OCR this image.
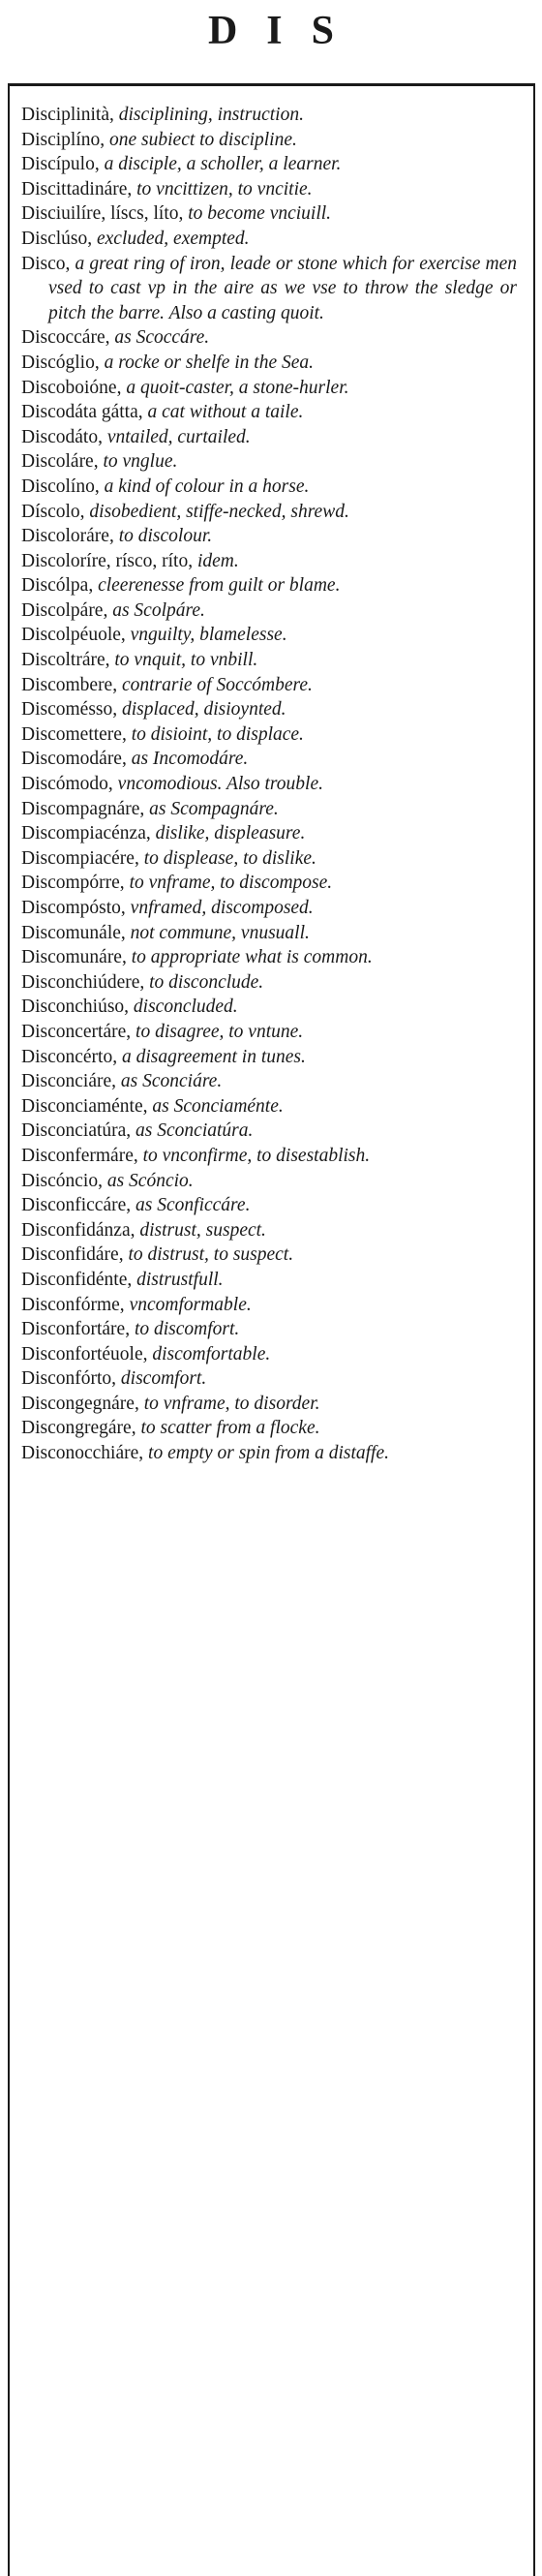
DIS
Disciplinità, disciplining, instruction.
Disciplíno, one subiect to discipline.
Discípulo, a disciple, a scholler, a learner.
Discittadináre, to vncittizen, to vncitie.
Disciuilíre, líscs, líto, to become vnciuill.
Disclúso, excluded, exempted.
Disco, a great ring of iron, leade or stone which for exercise men vsed to cast vp in the aire as we vse to throw the sledge or pitch the barre. Also a casting quoit.
Discoccáre, as Scoccáre.
Discóglio, a rocke or shelfe in the Sea.
Discoboióne, a quoit-caster, a stone-hurler.
Discodáta gátta, a cat without a taile.
Discodáto, vntailed, curtailed.
Discoláre, to vnglue.
Discolíno, a kind of colour in a horse.
Díscolo, disobedient, stiffe-necked, shrewd.
Discoloráre, to discolour.
Discoloríre, rísco, ríto, idem.
Discólpa, cleerenesse from guilt or blame.
Discolpáre, as Scolpáre.
Discolpéuole, vnguilty, blamelesse.
Discoltráre, to vnquit, to vnbill.
Discombere, contrarie of Soccómbere.
Discomésso, displaced, disioynted.
Discomettere, to disioint, to displace.
Discomodáre, as Incomodáre.
Discómodo, vncomodious. Also trouble.
Discompagnáre, as Scompagnáre.
Discompiacénza, dislike, displeasure.
Discompiacére, to displease, to dislike.
Discompórre, to vnframe, to discompose.
Discompósto, vnframed, discomposed.
Discomunále, not commune, vnusuall.
Discomunáre, to appropriate what is common.
Disconchiúdere, to disconclude.
Disconchiúso, disconcluded.
Disconcertáre, to disagree, to vntune.
Disconcérto, a disagreement in tunes.
Disconciáre, as Sconciáre.
Disconciaménte, as Sconciaménte.
Disconciatúra, as Sconciatúra.
Disconfermáre, to vnconfirme, to disestablish.
Discóncio, as Scóncio.
Disconficcáre, as Sconficcáre.
Disconfidánza, distrust, suspect.
Disconfidáre, to distrust, to suspect.
Disconfidénte, distrustfull.
Disconfórme, vncomformable.
Disconfortáre, to discomfort.
Disconfortéuole, discomfortable.
Disconfórto, discomfort.
Discongegnáre, to vnframe, to disorder.
Discongregáre, to scatter from a flocke.
Disconocchiáre, to empty or spin from a distaffe.
